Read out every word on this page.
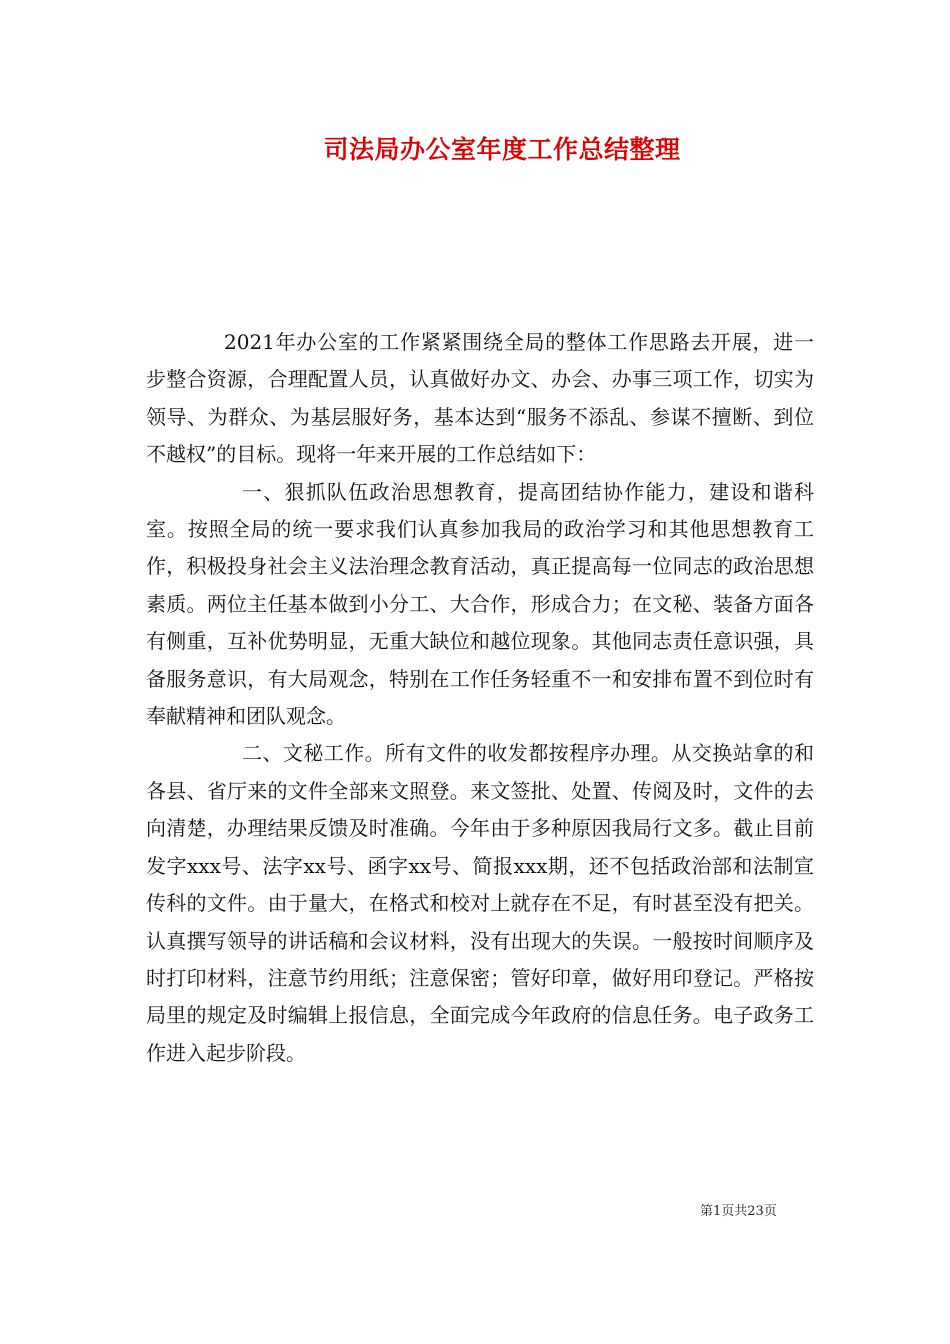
司法局办公室年度工作总结整理

2021年办公室的工作紧紧围绕全局的整体工作思路去开展，进一步整合资源，合理配置人员，认真做好办文、办会、办事三项工作，切实为领导、为群众、为基层服好务，基本达到“服务不添乱、参谋不擅断、到位不越权”的目标。现将一年来开展的工作总结如下：

一、狠抓队伍政治思想教育，提高团结协作能力，建设和谐科室。按照全局的统一要求我们认真参加我局的政治学习和其他思想教育工作，积极投身社会主义法治理念教育活动，真正提高每一位同志的政治思想素质。两位主任基本做到小分工、大合作，形成合力；在文秘、装备方面各有侧重，互补优势明显，无重大缺位和越位现象。其他同志责任意识强，具备服务意识，有大局观念，特别在工作任务轻重不一和安排布置不到位时有奉献精神和团队观念。

二、文秘工作。所有文件的收发都按程序办理。从交换站拿的和各县、省厅来的文件全部来文照登。来文签批、处置、传阅及时，文件的去向清楚，办理结果反馈及时准确。今年由于多种原因我局行文多。截止目前发字xxx号、法字xx号、函字xx号、简报xxx期，还不包括政治部和法制宣传科的文件。由于量大，在格式和校对上就存在不足，有时甚至没有把关。认真撰写领导的讲话稿和会议材料，没有出现大的失误。一般按时间顺序及时打印材料，注意节约用纸；注意保密；管好印章，做好用印登记。严格按局里的规定及时编辑上报信息，全面完成今年政府的信息任务。电子政务工作进入起步阶段。

第1页共23页
